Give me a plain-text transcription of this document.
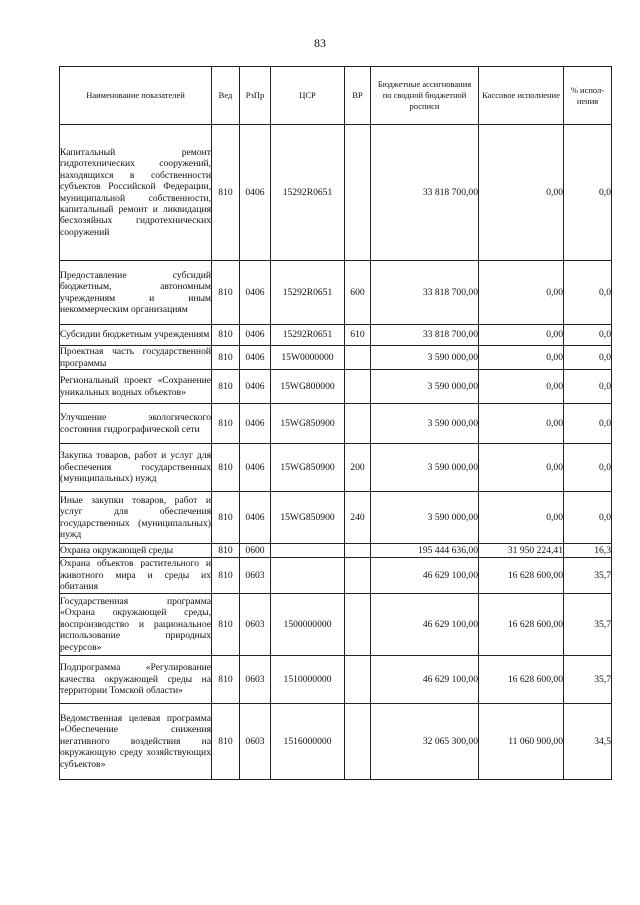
83
Наименование показателей	Вед	РзПр	ЦСР	ВР	Бюджетные ассигнования по сводной бюджетной росписи	Кассовое исполнение	% испол-нения
Капитальный ремонт гидротехнических сооружений, находящихся в собственности субъектов Российской Федерации, муниципальной собственности, капитальный ремонт и ликвидация бесхозяйных гидротехнических сооружений	810	0406	15292R0651		33 818 700,00	0,00	0,0
Предоставление субсидий бюджетным, автономным учреждениям и иным некоммерческим организациям	810	0406	15292R0651	600	33 818 700,00	0,00	0,0
Субсидии бюджетным учреждениям	810	0406	15292R0651	610	33 818 700,00	0,00	0,0
Проектная часть государственной программы	810	0406	15W0000000		3 590 000,00	0,00	0,0
Региональный проект «Сохранение уникальных водных объектов»	810	0406	15WG800000		3 590 000,00	0,00	0,0
Улучшение экологического состояния гидрографической сети	810	0406	15WG850900		3 590 000,00	0,00	0,0
Закупка товаров, работ и услуг для обеспечения государственных (муниципальных) нужд	810	0406	15WG850900	200	3 590 000,00	0,00	0,0
Иные закупки товаров, работ и услуг для обеспечения государственных (муниципальных) нужд	810	0406	15WG850900	240	3 590 000,00	0,00	0,0
Охрана окружающей среды	810	0600			195 444 636,00	31 950 224,41	16,3
Охрана объектов растительного и животного мира и среды их обитания	810	0603			46 629 100,00	16 628 600,00	35,7
Государственная программа «Охрана окружающей среды, воспроизводство и рациональное использование природных ресурсов»	810	0603	1500000000		46 629 100,00	16 628 600,00	35,7
Подпрограмма «Регулирование качества окружающей среды на территории Томской области»	810	0603	1510000000		46 629 100,00	16 628 600,00	35,7
Ведомственная целевая программа «Обеспечение снижения негативного воздействия на окружающую среду хозяйствующих субъектов»	810	0603	1516000000		32 065 300,00	11 060 900,00	34,5
